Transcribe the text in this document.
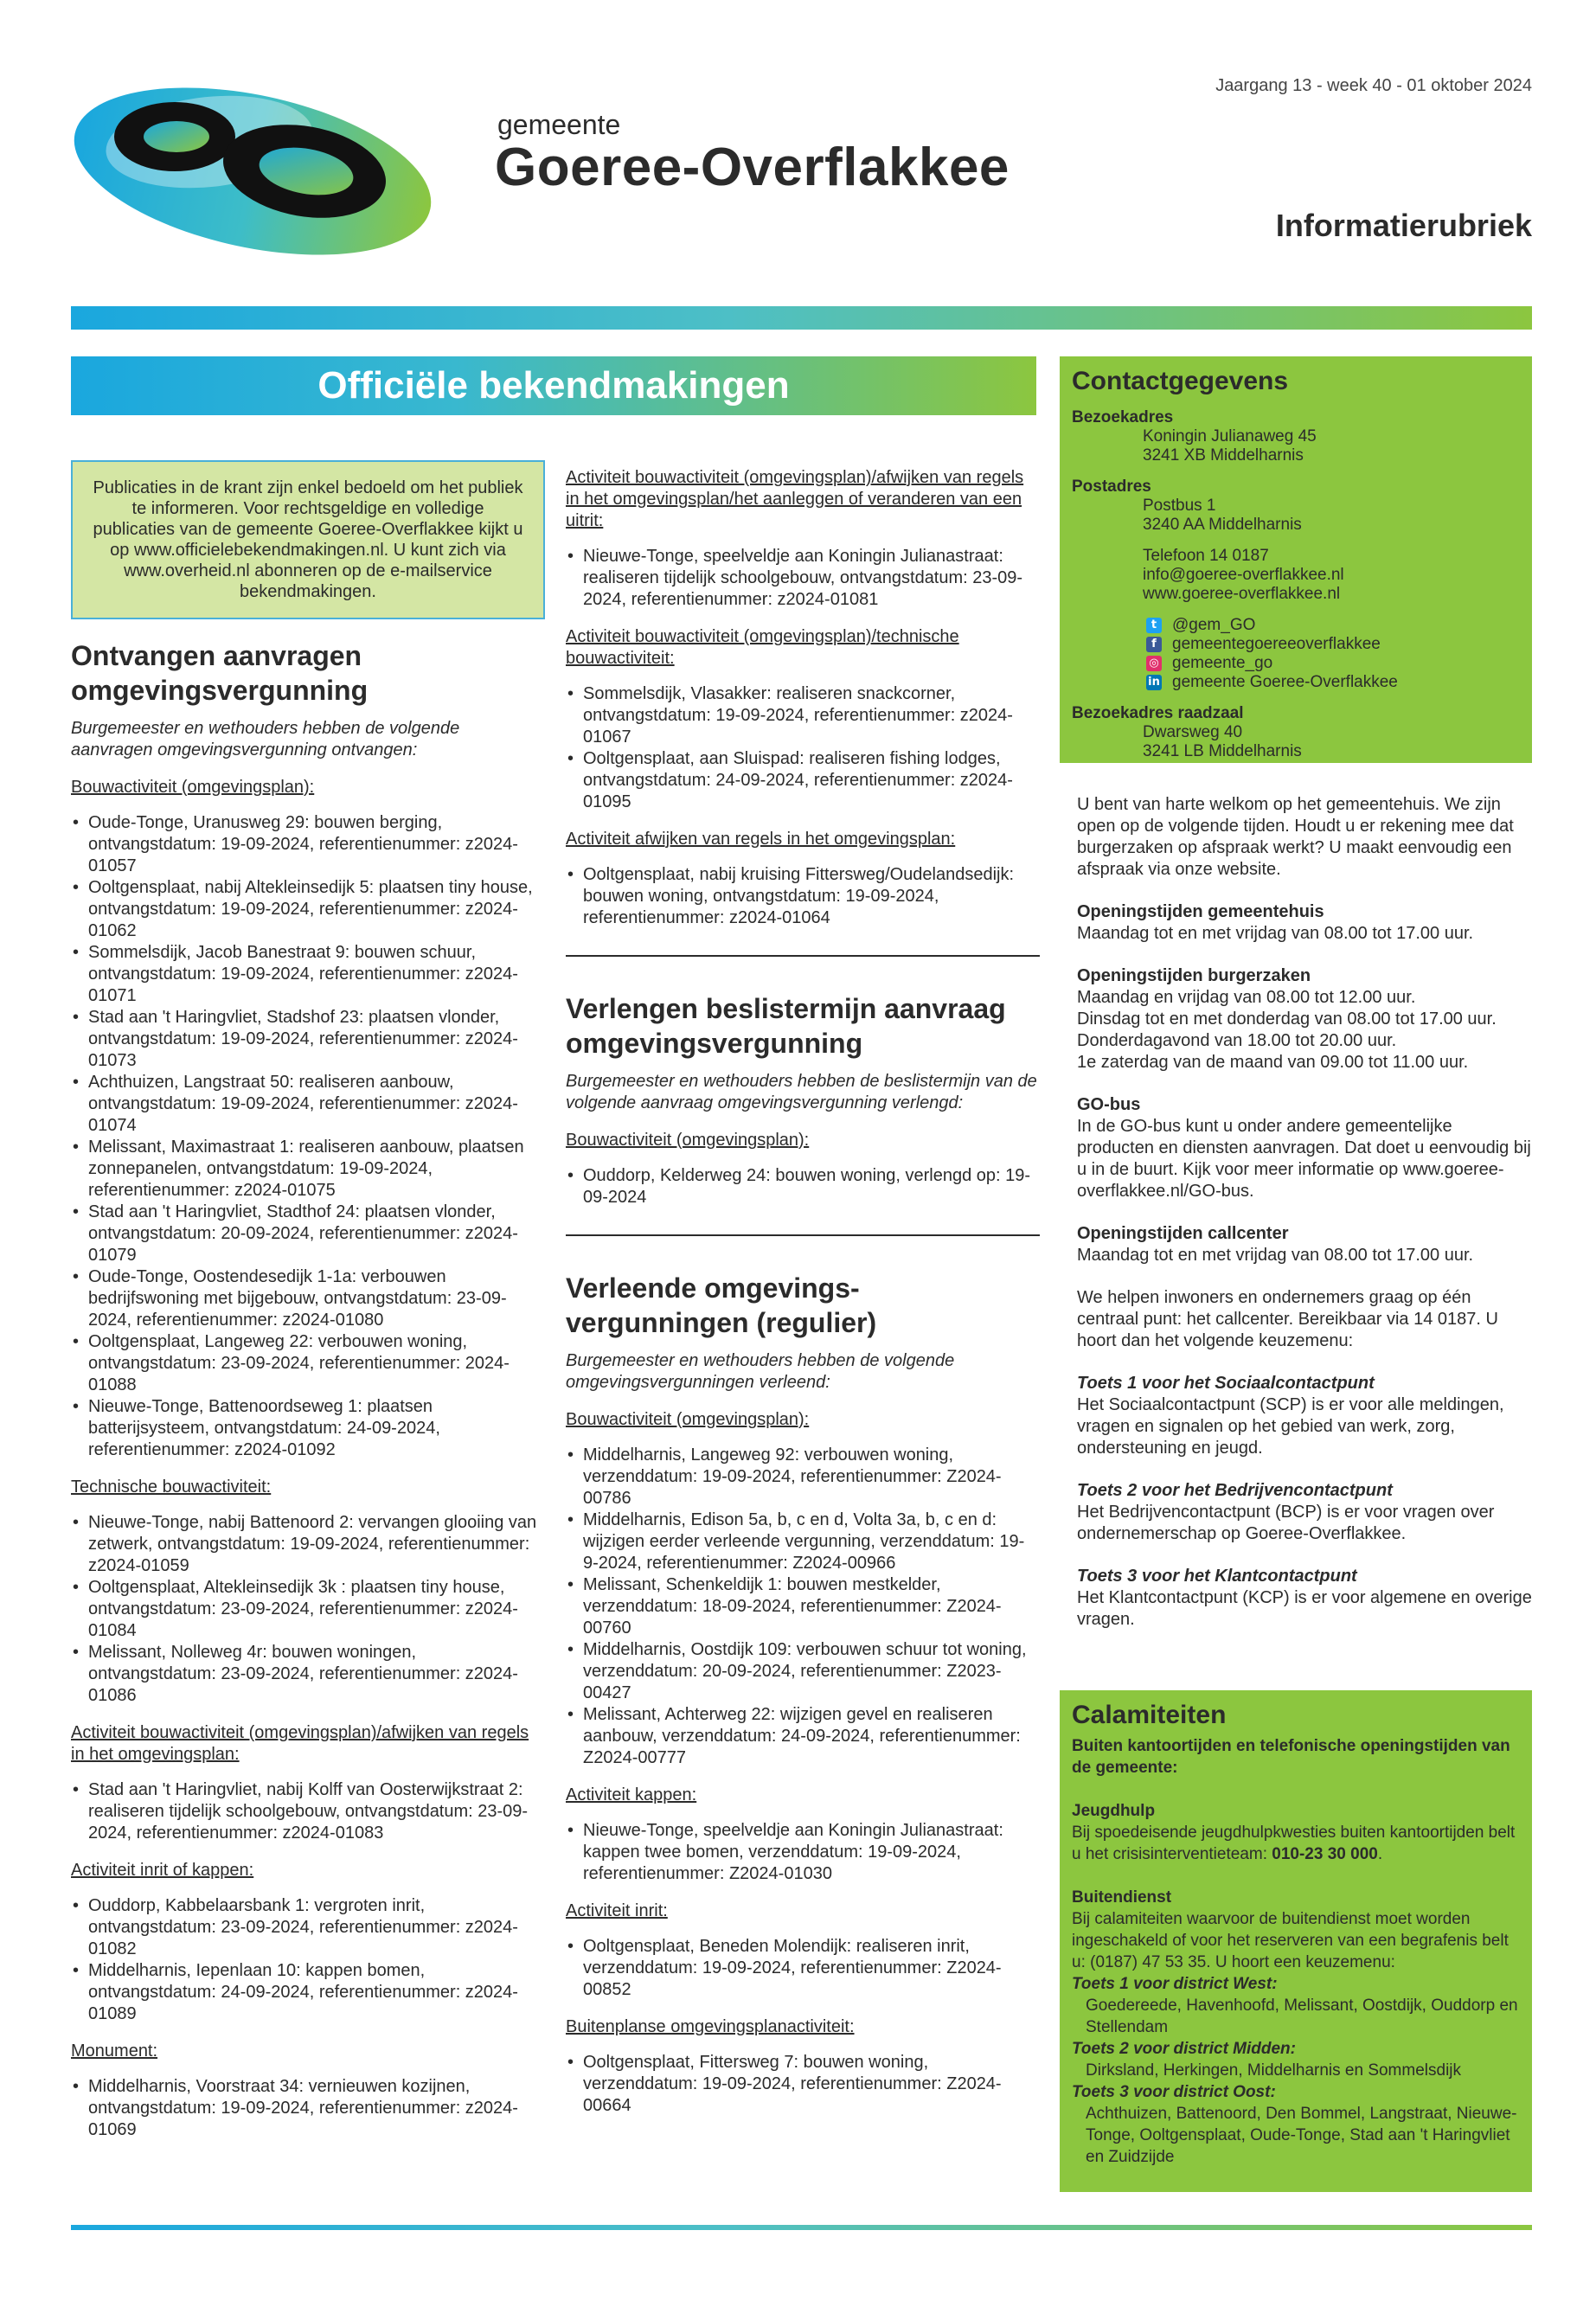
gemeente
Goeree-Overflakkee
Jaargang 13 - week 40 - 01 oktober 2024
Informatierubriek
Officiële bekendmakingen
Publicaties in de krant zijn enkel bedoeld om het publiek te informeren. Voor rechtsgeldige en volledige publicaties van de gemeente Goeree-Overflakkee kijkt u op www.officielebekendmakingen.nl. U kunt zich via www.overheid.nl abonneren op de e-mailservice bekendmakingen.
Ontvangen aanvragen omgevingsvergunning

Burgemeester en wethouders hebben de volgende aanvragen omgevingsvergunning ontvangen:

Bouwactiviteit (omgevingsplan):
• Oude-Tonge, Uranusweg 29: bouwen berging, ontvangstdatum: 19-09-2024, referentienummer: z2024-01057
• Ooltgensplaat, nabij Altekleinsedijk 5: plaatsen tiny house, ontvangstdatum: 19-09-2024, referentienummer: z2024-01062
• Sommelsdijk, Jacob Banestraat 9: bouwen schuur, ontvangstdatum: 19-09-2024, referentienummer: z2024-01071
• Stad aan 't Haringvliet, Stadshof 23: plaatsen vlonder, ontvangstdatum: 19-09-2024, referentienummer: z2024-01073
• Achthuizen, Langstraat 50: realiseren aanbouw, ontvangstdatum: 19-09-2024, referentienummer: z2024-01074
• Melissant, Maximastraat 1: realiseren aanbouw, plaatsen zonnepanelen, ontvangstdatum: 19-09-2024, referentienummer: z2024-01075
• Stad aan 't Haringvliet, Stadthof 24: plaatsen vlonder, ontvangstdatum: 20-09-2024, referentienummer: z2024-01079
• Oude-Tonge, Oostendesedijk 1-1a: verbouwen bedrijfswoning met bijgebouw, ontvangstdatum: 23-09-2024, referentienummer: z2024-01080
• Ooltgensplaat, Langeweg 22: verbouwen woning, ontvangstdatum: 23-09-2024, referentienummer: 2024-01088
• Nieuwe-Tonge, Battenoordseweg 1: plaatsen batterijsysteem, ontvangstdatum: 24-09-2024, referentienummer: z2024-01092
Technische bouwactiviteit:
• Nieuwe-Tonge, nabij Battenoord 2: vervangen glooiing van zetwerk, ontvangstdatum: 19-09-2024, referentienummer: z2024-01059
• Ooltgensplaat, Altekleinsedijk 3k : plaatsen tiny house, ontvangstdatum: 23-09-2024, referentienummer: z2024-01084
• Melissant, Nolleweg 4r: bouwen woningen, ontvangstdatum: 23-09-2024, referentienummer: z2024-01086
Activiteit bouwactiviteit (omgevingsplan)/afwijken van regels in het omgevingsplan:
• Stad aan 't Haringvliet, nabij Kolff van Oosterwijkstraat 2: realiseren tijdelijk schoolgebouw, ontvangstdatum: 23-09-2024, referentienummer: z2024-01083
Activiteit inrit of kappen:
• Ouddorp, Kabbelaarsbank 1: vergroten inrit, ontvangstdatum: 23-09-2024, referentienummer: z2024-01082
• Middelharnis, Iepenlaan 10: kappen bomen, ontvangstdatum: 24-09-2024, referentienummer: z2024-01089
Monument:
• Middelharnis, Voorstraat 34: vernieuwen kozijnen, ontvangstdatum: 19-09-2024, referentienummer: z2024-01069
Activiteit bouwactiviteit (omgevingsplan)/afwijken van regels in het omgevingsplan/het aanleggen of veranderen van een uitrit:
• Nieuwe-Tonge, speelveldje aan Koningin Julianastraat: realiseren tijdelijk schoolgebouw, ontvangstdatum: 23-09-2024, referentienummer: z2024-01081
Activiteit bouwactiviteit (omgevingsplan)/technische bouwactiviteit:
• Sommelsdijk, Vlasakker: realiseren snackcorner, ontvangstdatum: 19-09-2024, referentienummer: z2024-01067
• Ooltgensplaat, aan Sluispad: realiseren fishing lodges, ontvangstdatum: 24-09-2024, referentienummer: z2024-01095
Activiteit afwijken van regels in het omgevingsplan:
• Ooltgensplaat, nabij kruising Fittersweg/Oudelandsedijk: bouwen woning, ontvangstdatum: 19-09-2024, referentienummer: z2024-01064
Verlengen beslistermijn aanvraag omgevingsvergunning

Burgemeester en wethouders hebben de beslistermijn van de volgende aanvraag omgevingsvergunning verlengd:

Bouwactiviteit (omgevingsplan):
• Ouddorp, Kelderweg 24: bouwen woning, verlengd op: 19-09-2024
Verleende omgevings-vergunningen (regulier)

Burgemeester en wethouders hebben de volgende omgevingsvergunningen verleend:

Bouwactiviteit (omgevingsplan):
• Middelharnis, Langeweg 92: verbouwen woning, verzenddatum: 19-09-2024, referentienummer: Z2024-00786
• Middelharnis, Edison 5a, b, c en d, Volta 3a, b, c en d: wijzigen eerder verleende vergunning, verzenddatum: 19-9-2024, referentienummer: Z2024-00966
• Melissant, Schenkeldijk 1: bouwen mestkelder, verzenddatum: 18-09-2024, referentienummer: Z2024-00760
• Middelharnis, Oostdijk 109: verbouwen schuur tot woning, verzenddatum: 20-09-2024, referentienummer: Z2023-00427
• Melissant, Achterweg 22: wijzigen gevel en realiseren aanbouw, verzenddatum: 24-09-2024, referentienummer: Z2024-00777
Activiteit kappen:
• Nieuwe-Tonge, speelveldje aan Koningin Julianastraat: kappen twee bomen, verzenddatum: 19-09-2024, referentienummer: Z2024-01030
Activiteit inrit:
• Ooltgensplaat, Beneden Molendijk: realiseren inrit, verzenddatum: 19-09-2024, referentienummer: Z2024-00852
Buitenplanse omgevingsplanactiviteit:
• Ooltgensplaat, Fittersweg 7: bouwen woning, verzenddatum: 19-09-2024, referentienummer: Z2024-00664
Contactgegevens
Bezoekadres
Koningin Julianaweg 45
3241 XB Middelharnis
Postadres
Postbus 1
3240 AA Middelharnis
Telefoon 14 0187
info@goeree-overflakkee.nl
www.goeree-overflakkee.nl
t @gem_GO
f gemeentegoereeoverflakkee
◎ gemeente_go
in gemeente Goeree-Overflakkee
Bezoekadres raadzaal
Dwarsweg 40
3241 LB Middelharnis

U bent van harte welkom op het gemeentehuis. We zijn open op de volgende tijden. Houdt u er rekening mee dat burgerzaken op afspraak werkt? U maakt eenvoudig een afspraak via onze website.

Openingstijden gemeentehuis

Maandag tot en met vrijdag van 08.00 tot 17.00 uur.

Openingstijden burgerzaken

Maandag en vrijdag van 08.00 tot 12.00 uur.

Dinsdag tot en met donderdag van 08.00 tot 17.00 uur.

Donderdagavond van 18.00 tot 20.00 uur.

1e zaterdag van de maand van 09.00 tot 11.00 uur.

GO-bus

In de GO-bus kunt u onder andere gemeentelijke producten en diensten aanvragen. Dat doet u eenvoudig bij u in de buurt. Kijk voor meer informatie op www.goeree-overflakkee.nl/GO-bus.

Openingstijden callcenter

Maandag tot en met vrijdag van 08.00 tot 17.00 uur.

We helpen inwoners en ondernemers graag op één centraal punt: het callcenter. Bereikbaar via 14 0187. U hoort dan het volgende keuzemenu:

Toets 1 voor het Sociaalcontactpunt

Het Sociaalcontactpunt (SCP) is er voor alle meldingen, vragen en signalen op het gebied van werk, zorg, ondersteuning en jeugd.

Toets 2 voor het Bedrijvencontactpunt

Het Bedrijvencontactpunt (BCP) is er voor vragen over ondernemerschap op Goeree-Overflakkee.

Toets 3 voor het Klantcontactpunt

Het Klantcontactpunt (KCP) is er voor algemene en overige vragen.

Calamiteiten

Buiten kantoortijden en telefonische openingstijden van de gemeente:

Jeugdhulp

Bij spoedeisende jeugdhulpkwesties buiten kantoortijden belt u het crisisinterventieteam: 010-23 30 000.

Buitendienst

Bij calamiteiten waarvoor de buitendienst moet worden ingeschakeld of voor het reserveren van een begrafenis belt u: (0187) 47 53 35. U hoort een keuzemenu:

Toets 1 voor district West:

Goedereede, Havenhoofd, Melissant, Oostdijk, Ouddorp en Stellendam

Toets 2 voor district Midden:

Dirksland, Herkingen, Middelharnis en Sommelsdijk

Toets 3 voor district Oost:

Achthuizen, Battenoord, Den Bommel, Langstraat, Nieuwe-Tonge, Ooltgensplaat, Oude-Tonge, Stad aan 't Haringvliet en Zuidzijde
